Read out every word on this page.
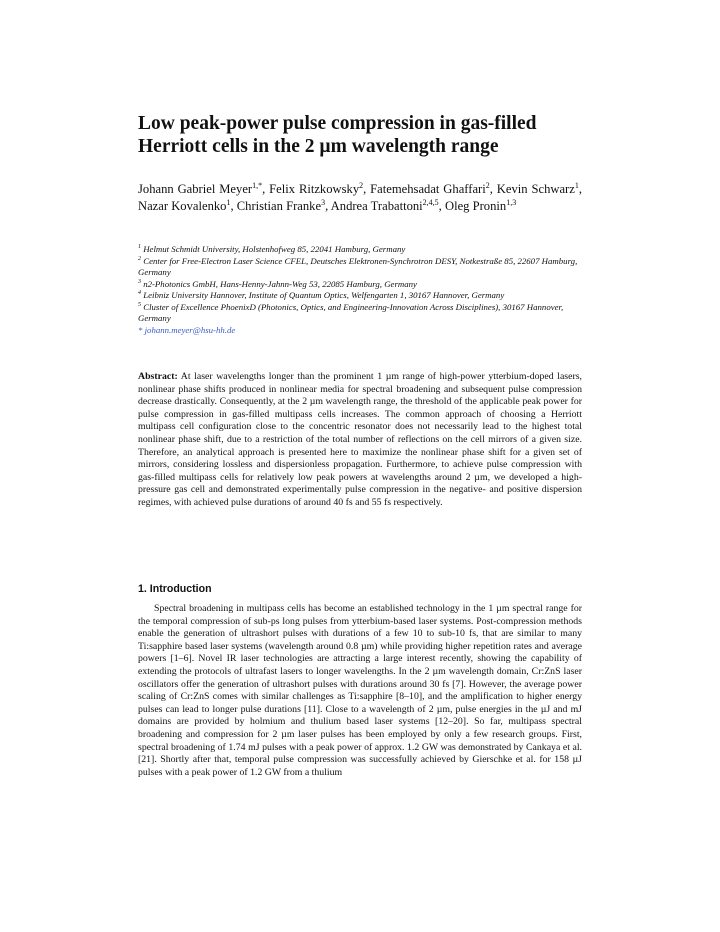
Low peak-power pulse compression in gas-filled
Herriott cells in the 2 µm wavelength range
Johann Gabriel Meyer$^{1,*}$, Felix Ritzkowsky$^2$, Fatemehsadat Ghaffari$^2$, Kevin Schwarz$^1$, Nazar Kovalenko$^1$, Christian Franke$^3$, Andrea Trabattoni$^{2,4,5}$, Oleg Pronin$^{1,3}$
$^1$ Helmut Schmidt University, Holstenhofweg 85, 22041 Hamburg, Germany
$^2$ Center for Free-Electron Laser Science CFEL, Deutsches Elektronen-Synchrotron DESY, Notkestraße 85, 22607 Hamburg, Germany
$^3$ n2-Photonics GmbH, Hans-Henny-Jahnn-Weg 53, 22085 Hamburg, Germany
$^4$ Leibniz University Hannover, Institute of Quantum Optics, Welfengarten 1, 30167 Hannover, Germany
$^5$ Cluster of Excellence PhoenixD (Photonics, Optics, and Engineering-Innovation Across Disciplines), 30167 Hannover, Germany
* johann.meyer@hsu-hh.de
Abstract: At laser wavelengths longer than the prominent 1 µm range of high-power ytterbium-doped lasers, nonlinear phase shifts produced in nonlinear media for spectral broadening and subsequent pulse compression decrease drastically. Consequently, at the 2 µm wavelength range, the threshold of the applicable peak power for pulse compression in gas-filled multipass cells increases. The common approach of choosing a Herriott multipass cell configuration close to the concentric resonator does not necessarily lead to the highest total nonlinear phase shift, due to a restriction of the total number of reflections on the cell mirrors of a given size. Therefore, an analytical approach is presented here to maximize the nonlinear phase shift for a given set of mirrors, considering lossless and dispersionless propagation. Furthermore, to achieve pulse compression with gas-filled multipass cells for relatively low peak powers at wavelengths around 2 µm, we developed a high-pressure gas cell and demonstrated experimentally pulse compression in the negative- and positive dispersion regimes, with achieved pulse durations of around 40 fs and 55 fs respectively.
1. Introduction
Spectral broadening in multipass cells has become an established technology in the 1 µm spectral range for the temporal compression of sub-ps long pulses from ytterbium-based laser systems. Post-compression methods enable the generation of ultrashort pulses with durations of a few 10 to sub-10 fs, that are similar to many Ti:sapphire based laser systems (wavelength around 0.8 µm) while providing higher repetition rates and average powers [1–6]. Novel IR laser technologies are attracting a large interest recently, showing the capability of extending the protocols of ultrafast lasers to longer wavelengths. In the 2 µm wavelength domain, Cr:ZnS laser oscillators offer the generation of ultrashort pulses with durations around 30 fs [7]. However, the average power scaling of Cr:ZnS comes with similar challenges as Ti:sapphire [8–10], and the amplification to higher energy pulses can lead to longer pulse durations [11]. Close to a wavelength of 2 µm, pulse energies in the µJ and mJ domains are provided by holmium and thulium based laser systems [12–20]. So far, multipass spectral broadening and compression for 2 µm laser pulses has been employed by only a few research groups. First, spectral broadening of 1.74 mJ pulses with a peak power of approx. 1.2 GW was demonstrated by Cankaya et al. [21]. Shortly after that, temporal pulse compression was successfully achieved by Gierschke et al. for 158 µJ pulses with a peak power of 1.2 GW from a thulium
